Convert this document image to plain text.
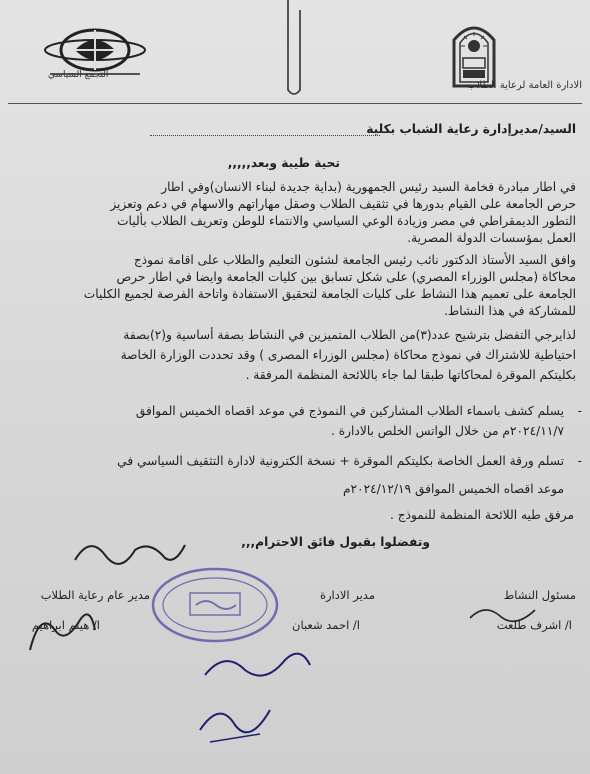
الادارة العامة لرعاية الطلاب
التجمع السياسي
السيد/مديرإدارة رعاية الشباب بكلية
تحية طيبة وبعد,,,,,
في اطار مبادرة فخامة السيد رئيس الجمهورية (بداية جديدة لبناء الانسان)وفي اطار
حرص الجامعة على القيام بدورها في تثقيف الطلاب وصقل مهاراتهم والاسهام في دعم وتعزيز
التطور الديمقراطي في مصر وزيادة الوعي السياسي والانتماء للوطن وتعريف الطلاب بأليات
العمل بمؤسسات الدولة المصرية.
وافق السيد الأستاذ الدكتور نائب رئيس الجامعة لشئون التعليم والطلاب على اقامة نموذج
محاكاة (مجلس الوزراء المصري) على شكل تسابق بين كليات الجامعة وايضا في اطار حرص
الجامعة على تعميم هذا النشاط على كليات الجامعة لتحقيق الاستفادة واتاحة الفرصة لجميع الكليات
للمشاركة في هذا النشاط.
لذايرجي التفضل بترشيح عدد(٣)من الطلاب المتميزين في النشاط بصفة أساسية و(٢)بصفة
احتياطية للاشتراك في نموذج محاكاة (مجلس الوزراء المصرى ) وقد تحددت الوزارة الخاصة
بكليتكم الموقرة لمحاكاتها طبقا لما جاء باللائحة المنظمة المرفقة .
-
يسلم كشف باسماء الطلاب المشاركين في النموذج في موعد اقصاه الخميس الموافق
٢٠٢٤/١١/٧م من خلال الواتس الخلص بالادارة .
-
تسلم ورقة العمل الخاصة بكليتكم الموقرة + نسخة الكترونية لادارة التثقيف السياسي في
موعد اقصاه الخميس الموافق ٢٠٢٤/١٢/١٩م
مرفق طيه اللائحة المنظمة للنموذج .
وتفضلوا بقبول فائق الاحترام,,,
مسئول النشاط
ا/ اشرف طلعت
مدير الادارة
ا/ احمد شعبان
مدير عام رعاية الطلاب
ا/ هيثم ابراهيم
